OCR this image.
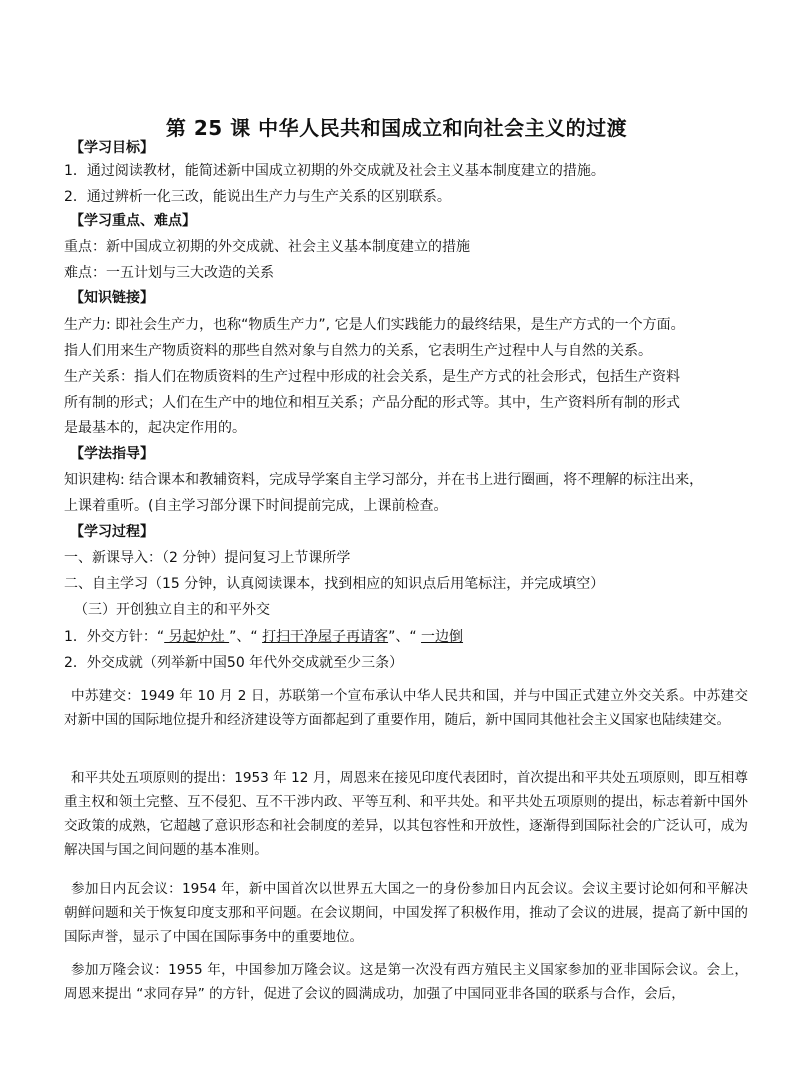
第 25 课 中华人民共和国成立和向社会主义的过渡
【学习目标】
1．通过阅读教材，能简述新中国成立初期的外交成就及社会主义基本制度建立的措施。
2．通过辨析一化三改，能说出生产力与生产关系的区别联系。
【学习重点、难点】
重点：新中国成立初期的外交成就、社会主义基本制度建立的措施
难点：一五计划与三大改造的关系
【知识链接】
生产力: 即社会生产力，也称“物质生产力”, 它是人们实践能力的最终结果，是生产方式的一个方面。
指人们用来生产物质资料的那些自然对象与自然力的关系，它表明生产过程中人与自然的关系。
生产关系：指人们在物质资料的生产过程中形成的社会关系，是生产方式的社会形式，包括生产资料
所有制的形式；人们在生产中的地位和相互关系；产品分配的形式等。其中，生产资料所有制的形式
是最基本的，起决定作用的。
【学法指导】
知识建构: 结合课本和教辅资料，完成导学案自主学习部分，并在书上进行圈画，将不理解的标注出来，
上课着重听。(自主学习部分课下时间提前完成，上课前检查。
【学习过程】
一、新课导入：（2 分钟）提问复习上节课所学
二、自主学习（15 分钟，认真阅读课本，找到相应的知识点后用笔标注，并完成填空）
（三）开创独立自主的和平外交
1．外交方针：“ 另起炉灶 ”、“ 打扫干净屋子再请客”、“ 一边倒
2．外交成就（列举新中国50 年代外交成就至少三条）

中苏建交：1949 年 10 月 2 日，苏联第一个宣布承认中华人民共和国，并与中国正式建立外交关系。中苏建交对新中国的国际地位提升和经济建设等方面都起到了重要作用，随后，新中国同其他社会主义国家也陆续建交。

和平共处五项原则的提出：1953 年 12 月，周恩来在接见印度代表团时，首次提出和平共处五项原则，即互相尊重主权和领土完整、互不侵犯、互不干涉内政、平等互利、和平共处。和平共处五项原则的提出，标志着新中国外交政策的成熟，它超越了意识形态和社会制度的差异，以其包容性和开放性，逐渐得到国际社会的广泛认可，成为解决国与国之间问题的基本准则。

参加日内瓦会议：1954 年，新中国首次以世界五大国之一的身份参加日内瓦会议。会议主要讨论如何和平解决朝鲜问题和关于恢复印度支那和平问题。在会议期间，中国发挥了积极作用，推动了会议的进展，提高了新中国的国际声誉，显示了中国在国际事务中的重要地位。

参加万隆会议：1955 年，中国参加万隆会议。这是第一次没有西方殖民主义国家参加的亚非国际会议。会上，周恩来提出 “求同存异” 的方针，促进了会议的圆满成功，加强了中国同亚非各国的联系与合作，会后，
